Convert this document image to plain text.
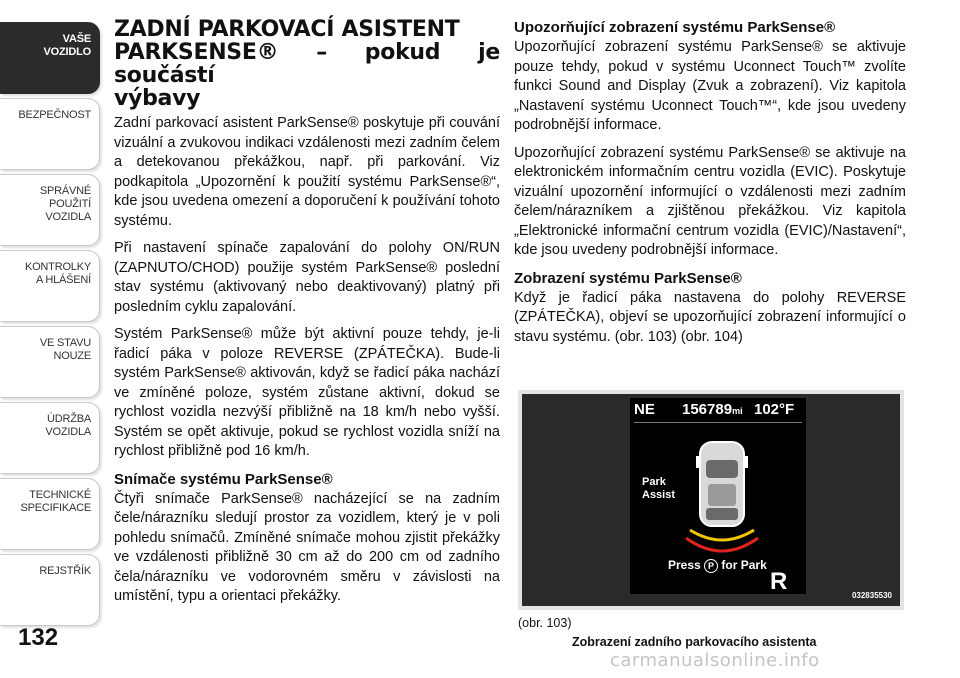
VAŠE
VOZIDLO
BEZPEČNOST
SPRÁVNÉ
POUŽITÍ
VOZIDLA
KONTROLKY
A HLÁŠENÍ
VE STAVU
NOUZE
ÚDRŽBA
VOZIDLA
TECHNICKÉ
SPECIFIKACE
REJSTŘÍK
132
ZADNÍ PARKOVACÍ ASISTENT
PARKSENSE® – pokud je součástí
výbavy

Zadní parkovací asistent ParkSense® poskytuje při couvání vizuální a zvukovou indikaci vzdálenosti mezi zadním čelem a detekovanou překážkou, např. při parkování. Viz podkapitola „Upozornění k použití systému ParkSense®“, kde jsou uvedena omezení a doporučení k používání tohoto systému.

Při nastavení spínače zapalování do polohy ON/RUN (ZAPNUTO/CHOD) použije systém ParkSense® poslední stav systému (aktivovaný nebo deaktivovaný) platný při posledním cyklu zapalování.

Systém ParkSense® může být aktivní pouze tehdy, je-li řadicí páka v poloze REVERSE (ZPÁTEČKA). Bude-li systém ParkSense® aktivován, když se řadicí páka nachází ve zmíněné poloze, systém zůstane aktivní, dokud se rychlost vozidla nezvýší přibližně na 18 km/h nebo vyšší. Systém se opět aktivuje, pokud se rychlost vozidla sníží na rychlost přibližně pod 16 km/h.

Snímače systému ParkSense®

Čtyři snímače ParkSense® nacházející se na zadním čele/nárazníku sledují prostor za vozidlem, který je v poli pohledu snímačů. Zmíněné snímače mohou zjistit překážky ve vzdálenosti přibližně 30 cm až do 200 cm od zadního čela/nárazníku ve vodorovném směru v závislosti na umístění, typu a orientaci překážky.

Upozorňující zobrazení systému ParkSense®

Upozorňující zobrazení systému ParkSense® se aktivuje pouze tehdy, pokud v systému Uconnect Touch™ zvolíte funkci Sound and Display (Zvuk a zobrazení). Viz kapitola „Nastavení systému Uconnect Touch™“, kde jsou uvedeny podrobnější informace.

Upozorňující zobrazení systému ParkSense® se aktivuje na elektronickém informačním centru vozidla (EVIC). Poskytuje vizuální upozornění informující o vzdálenosti mezi zadním čelem/nárazníkem a zjištěnou překážkou. Viz kapitola „Elektronické informační centrum vozidla (EVIC)/Nastavení“, kde jsou uvedeny podrobnější informace.

Zobrazení systému ParkSense®

Když je řadicí páka nastavena do polohy REVERSE (ZPÁTEČKA), objeví se upozorňující zobrazení informující o stavu systému. (obr. 103) (obr. 104)

NE 156789mi 102°F
Park
Assist
Press P for Park
R
032835530
(obr. 103)
Zobrazení zadního parkovacího asistenta
carmanualsonline.info
